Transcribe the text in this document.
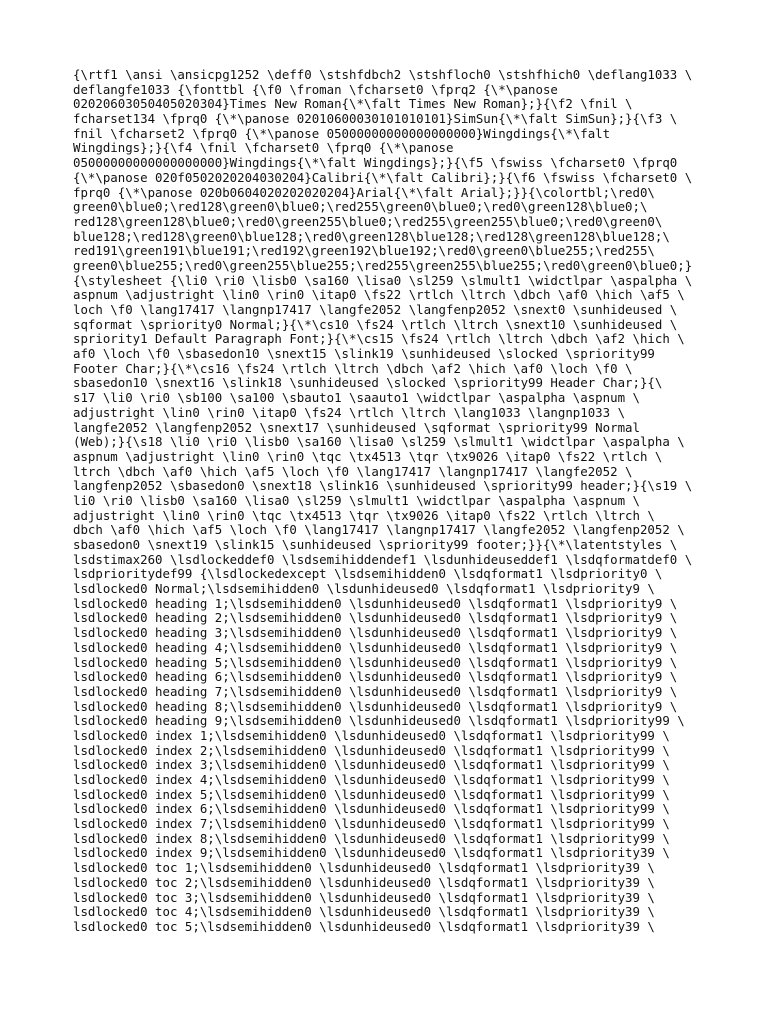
{\rtf1 \ansi \ansicpg1252 \deff0 \stshfdbch2 \stshfloch0 \stshfhich0 \deflang1033 \
deflangfe1033 {\fonttbl {\f0 \froman \fcharset0 \fprq2 {\*\panose
02020603050405020304}Times New Roman{\*\falt Times New Roman};}{\f2 \fnil \
fcharset134 \fprq0 {\*\panose 02010600030101010101}SimSun{\*\falt SimSun};}{\f3 \
fnil \fcharset2 \fprq0 {\*\panose 05000000000000000000}Wingdings{\*\falt
Wingdings};}{\f4 \fnil \fcharset0 \fprq0 {\*\panose
05000000000000000000}Wingdings{\*\falt Wingdings};}{\f5 \fswiss \fcharset0 \fprq0
{\*\panose 020f0502020204030204}Calibri{\*\falt Calibri};}{\f6 \fswiss \fcharset0 \
fprq0 {\*\panose 020b0604020202020204}Arial{\*\falt Arial};}}{\colortbl;\red0\
green0\blue0;\red128\green0\blue0;\red255\green0\blue0;\red0\green128\blue0;\
red128\green128\blue0;\red0\green255\blue0;\red255\green255\blue0;\red0\green0\
blue128;\red128\green0\blue128;\red0\green128\blue128;\red128\green128\blue128;\
red191\green191\blue191;\red192\green192\blue192;\red0\green0\blue255;\red255\
green0\blue255;\red0\green255\blue255;\red255\green255\blue255;\red0\green0\blue0;}
{\stylesheet {\li0 \ri0 \lisb0 \sa160 \lisa0 \sl259 \slmult1 \widctlpar \aspalpha \
aspnum \adjustright \lin0 \rin0 \itap0 \fs22 \rtlch \ltrch \dbch \af0 \hich \af5 \
loch \f0 \lang17417 \langnp17417 \langfe2052 \langfenp2052 \snext0 \sunhideused \
sqformat \spriority0 Normal;}{\*\cs10 \fs24 \rtlch \ltrch \snext10 \sunhideused \
spriority1 Default Paragraph Font;}{\*\cs15 \fs24 \rtlch \ltrch \dbch \af2 \hich \
af0 \loch \f0 \sbasedon10 \snext15 \slink19 \sunhideused \slocked \spriority99
Footer Char;}{\*\cs16 \fs24 \rtlch \ltrch \dbch \af2 \hich \af0 \loch \f0 \
sbasedon10 \snext16 \slink18 \sunhideused \slocked \spriority99 Header Char;}{\
s17 \li0 \ri0 \sb100 \sa100 \sbauto1 \saauto1 \widctlpar \aspalpha \aspnum \
adjustright \lin0 \rin0 \itap0 \fs24 \rtlch \ltrch \lang1033 \langnp1033 \
langfe2052 \langfenp2052 \snext17 \sunhideused \sqformat \spriority99 Normal
(Web);}{\s18 \li0 \ri0 \lisb0 \sa160 \lisa0 \sl259 \slmult1 \widctlpar \aspalpha \
aspnum \adjustright \lin0 \rin0 \tqc \tx4513 \tqr \tx9026 \itap0 \fs22 \rtlch \
ltrch \dbch \af0 \hich \af5 \loch \f0 \lang17417 \langnp17417 \langfe2052 \
langfenp2052 \sbasedon0 \snext18 \slink16 \sunhideused \spriority99 header;}{\s19 \
li0 \ri0 \lisb0 \sa160 \lisa0 \sl259 \slmult1 \widctlpar \aspalpha \aspnum \
adjustright \lin0 \rin0 \tqc \tx4513 \tqr \tx9026 \itap0 \fs22 \rtlch \ltrch \
dbch \af0 \hich \af5 \loch \f0 \lang17417 \langnp17417 \langfe2052 \langfenp2052 \
sbasedon0 \snext19 \slink15 \sunhideused \spriority99 footer;}}{\*\latentstyles \
lsdstimax260 \lsdlockeddef0 \lsdsemihiddendef1 \lsdunhideuseddef1 \lsdqformatdef0 \
lsdprioritydef99 {\lsdlockedexcept \lsdsemihidden0 \lsdqformat1 \lsdpriority0 \
lsdlocked0 Normal;\lsdsemihidden0 \lsdunhideused0 \lsdqformat1 \lsdpriority9 \
lsdlocked0 heading 1;\lsdsemihidden0 \lsdunhideused0 \lsdqformat1 \lsdpriority9 \
lsdlocked0 heading 2;\lsdsemihidden0 \lsdunhideused0 \lsdqformat1 \lsdpriority9 \
lsdlocked0 heading 3;\lsdsemihidden0 \lsdunhideused0 \lsdqformat1 \lsdpriority9 \
lsdlocked0 heading 4;\lsdsemihidden0 \lsdunhideused0 \lsdqformat1 \lsdpriority9 \
lsdlocked0 heading 5;\lsdsemihidden0 \lsdunhideused0 \lsdqformat1 \lsdpriority9 \
lsdlocked0 heading 6;\lsdsemihidden0 \lsdunhideused0 \lsdqformat1 \lsdpriority9 \
lsdlocked0 heading 7;\lsdsemihidden0 \lsdunhideused0 \lsdqformat1 \lsdpriority9 \
lsdlocked0 heading 8;\lsdsemihidden0 \lsdunhideused0 \lsdqformat1 \lsdpriority9 \
lsdlocked0 heading 9;\lsdsemihidden0 \lsdunhideused0 \lsdqformat1 \lsdpriority99 \
lsdlocked0 index 1;\lsdsemihidden0 \lsdunhideused0 \lsdqformat1 \lsdpriority99 \
lsdlocked0 index 2;\lsdsemihidden0 \lsdunhideused0 \lsdqformat1 \lsdpriority99 \
lsdlocked0 index 3;\lsdsemihidden0 \lsdunhideused0 \lsdqformat1 \lsdpriority99 \
lsdlocked0 index 4;\lsdsemihidden0 \lsdunhideused0 \lsdqformat1 \lsdpriority99 \
lsdlocked0 index 5;\lsdsemihidden0 \lsdunhideused0 \lsdqformat1 \lsdpriority99 \
lsdlocked0 index 6;\lsdsemihidden0 \lsdunhideused0 \lsdqformat1 \lsdpriority99 \
lsdlocked0 index 7;\lsdsemihidden0 \lsdunhideused0 \lsdqformat1 \lsdpriority99 \
lsdlocked0 index 8;\lsdsemihidden0 \lsdunhideused0 \lsdqformat1 \lsdpriority99 \
lsdlocked0 index 9;\lsdsemihidden0 \lsdunhideused0 \lsdqformat1 \lsdpriority39 \
lsdlocked0 toc 1;\lsdsemihidden0 \lsdunhideused0 \lsdqformat1 \lsdpriority39 \
lsdlocked0 toc 2;\lsdsemihidden0 \lsdunhideused0 \lsdqformat1 \lsdpriority39 \
lsdlocked0 toc 3;\lsdsemihidden0 \lsdunhideused0 \lsdqformat1 \lsdpriority39 \
lsdlocked0 toc 4;\lsdsemihidden0 \lsdunhideused0 \lsdqformat1 \lsdpriority39 \
lsdlocked0 toc 5;\lsdsemihidden0 \lsdunhideused0 \lsdqformat1 \lsdpriority39 \
